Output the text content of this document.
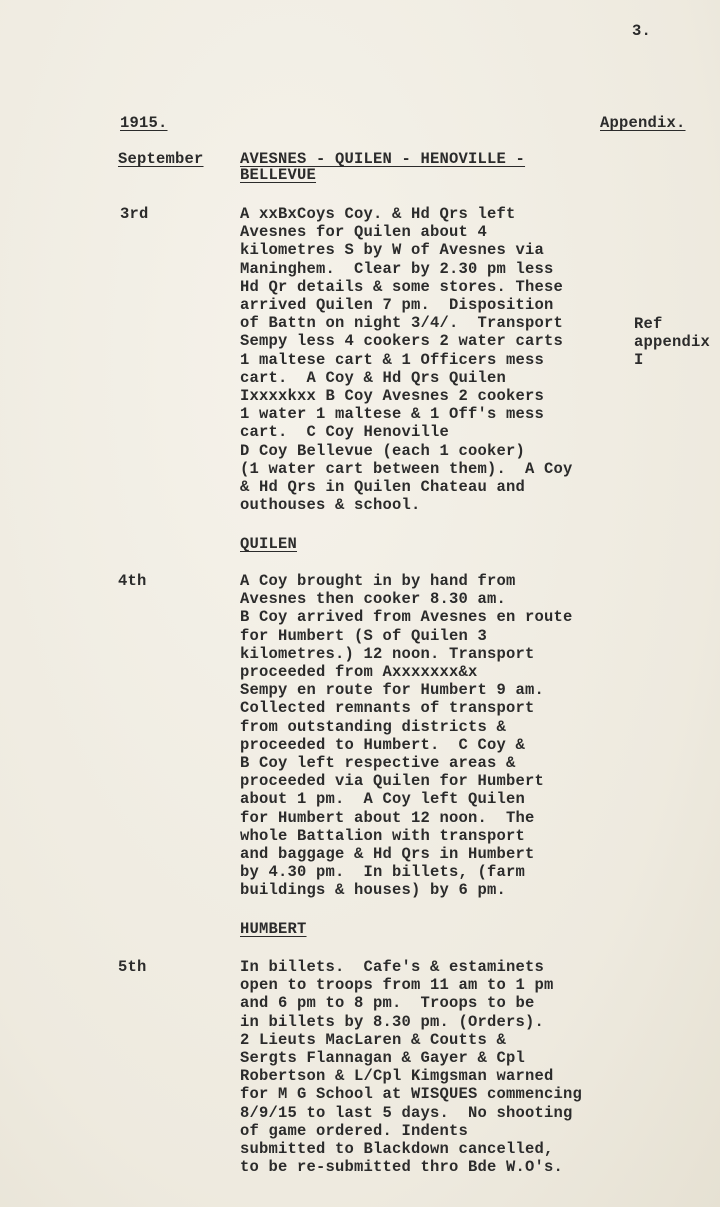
3.
1915.	Appendix.
September AVESNES - QUILEN - HENOVILLE -
BELLEVUE
3rd	A xxBxCoys Coy. & Hd Qrs left
Avesnes for Quilen about 4
kilometres S by W of Avesnes via
Maninghem.  Clear by 2.30 pm less
Hd Qr details & some stores. These
arrived Quilen 7 pm.  Disposition
of Battn on night 3/4/.  Transport
Sempy less 4 cookers 2 water carts
1 maltese cart & 1 Officers mess
cart.  A Coy & Hd Qrs Quilen
Ixxxxkxx B Coy Avesnes 2 cookers
1 water 1 maltese & 1 Off's mess
cart.  C Coy Henoville
D Coy Bellevue (each 1 cooker)
(1 water cart between them).  A Coy
& Hd Qrs in Quilen Chateau and
outhouses & school.
Ref
appendix
I
QUILEN
4th	A Coy brought in by hand from
Avesnes then cooker 8.30 am.
B Coy arrived from Avesnes en route
for Humbert (S of Quilen 3
kilometres.) 12 noon. Transport
proceeded from Axxxxxxx&x
Sempy en route for Humbert 9 am.
Collected remnants of transport
from outstanding districts &
proceeded to Humbert.  C Coy &
B Coy left respective areas &
proceeded via Quilen for Humbert
about 1 pm.  A Coy left Quilen
for Humbert about 12 noon.  The
whole Battalion with transport
and baggage & Hd Qrs in Humbert
by 4.30 pm.  In billets, (farm
buildings & houses) by 6 pm.
HUMBERT
5th	In billets.  Cafe's & estaminets
open to troops from 11 am to 1 pm
and 6 pm to 8 pm.  Troops to be
in billets by 8.30 pm. (Orders).
2 Lieuts MacLaren & Coutts &
Sergts Flannagan & Gayer & Cpl
Robertson & L/Cpl Kimgsman warned
for M G School at WISQUES commencing
8/9/15 to last 5 days.  No shooting
of game ordered. Indents
submitted to Blackdown cancelled,
to be re-submitted thro Bde W.O's.
